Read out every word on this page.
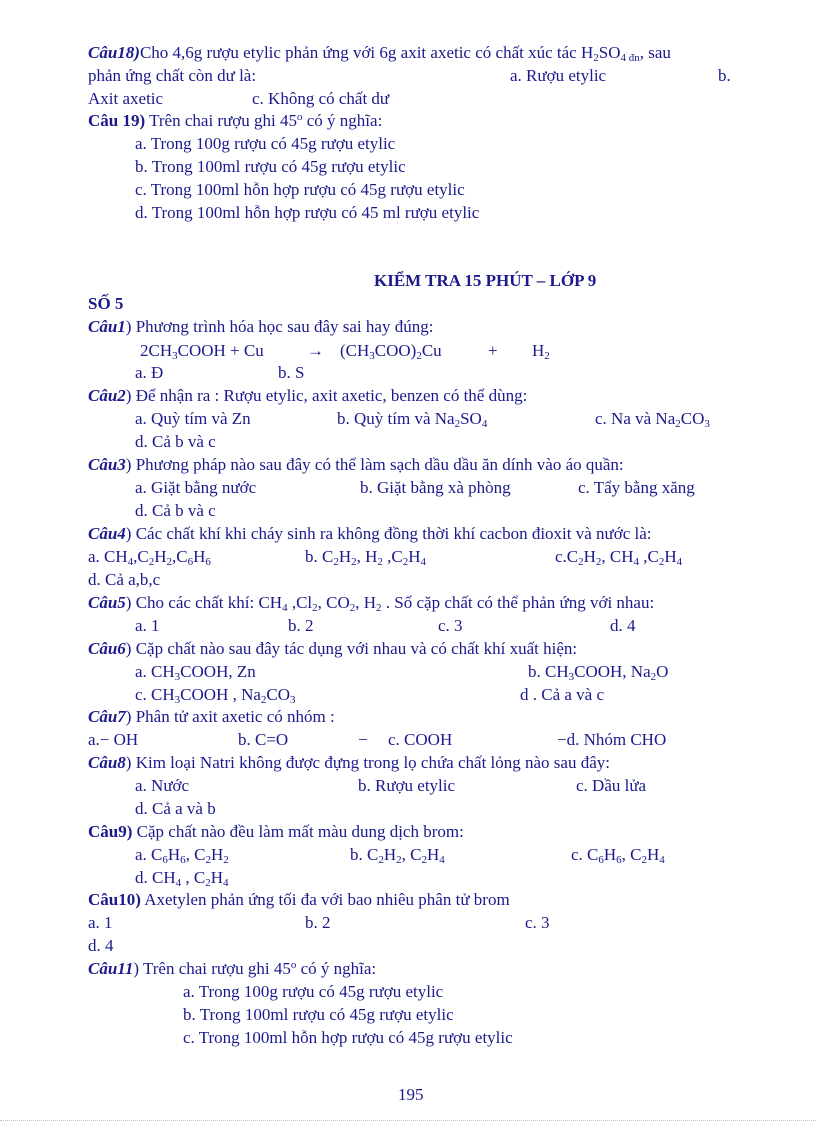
Câu18)Cho 4,6g rượu etylic phản ứng với 6g axit axetic có chất xúc tác $H_2SO_{4 đn}$, sau
phản ứng chất còn dư là:	a. Rượu etylic	b.
Axit axetic	c. Không có chất dư
Câu 19) Trên chai rượu ghi 45$^o$ có ý nghĩa:
a. Trong 100g rượu có 45g rượu etylic
b. Trong 100ml rượu có 45g rượu etylic
c. Trong 100ml hỗn hợp rượu có 45g rượu etylic
d. Trong 100ml hỗn hợp rượu có 45 ml rượu etylic
KIỂM TRA 15 PHÚT – LỚP 9
SỐ 5
Câu1) Phương trình hóa học sau đây sai hay đúng:
$2CH_3COOH + Cu$	→ $(CH_3COO)_2Cu$	+ $H_2$
a. Đ	b. S
Câu2) Để nhận ra : Rượu etylic, axit axetic, benzen có thể dùng:
a. Quỳ tím và Zn	b. Quỳ tím và $Na_2SO_4$	c. Na và $Na_2CO_3$
d. Cả b và c
Câu3) Phương pháp nào sau đây có thể làm sạch dầu dầu ăn dính vào áo quần:
a. Giặt bằng nước	b. Giặt bằng xà phòng	c. Tẩy bằng xăng
d. Cả b và c
Câu4) Các chất khí khi cháy sinh ra không đồng thời khí cacbon đioxit và nước là:
a. $CH_4,C_2H_2,C_6H_6$	b. $C_2H_2$, $H_2$ $,C_2H_4$	$c.C_2H_2$, $CH_4$ $,C_2H_4$
d. Cả a,b,c
Câu5) Cho các chất khí: $CH_4$ $,Cl_2$, $CO_2$, $H_2$ . Số cặp chất có thể phản ứng với nhau:
a. 1	b. 2	c. 3	d. 4
Câu6) Cặp chất nào sau đây tác dụng với nhau và có chất khí xuất hiện:
a. $CH_3COOH$, Zn	b. $CH_3COOH$, $Na_2O$
c. $CH_3COOH$ , $Na_2CO_3$	d . Cả a và c
Câu7) Phân tử axit axetic có nhóm :
a.− OH	b. C=O	− c. COOH	−d. Nhóm CHO
Câu8) Kim loại Natri không được đựng trong lọ chứa chất lỏng nào sau đây:
a. Nước	b. Rượu etylic	c. Dầu lửa
d. Cả a và b
Câu9) Cặp chất nào đều làm mất màu dung dịch brom:
a. $C_6H_6$, $C_2H_2$	b. $C_2H_2$, $C_2H_4$	c. $C_6H_6$, $C_2H_4$
d. $CH_4$ , $C_2H_4$
Câu10) Axetylen phản ứng tối đa với bao nhiêu phân tử brom
a. 1	b. 2	c. 3
d. 4
Câu11) Trên chai rượu ghi 45$^o$ có ý nghĩa:
a. Trong 100g rượu có 45g rượu etylic
b. Trong 100ml rượu có 45g rượu etylic
c. Trong 100ml hỗn hợp rượu có 45g rượu etylic
195
